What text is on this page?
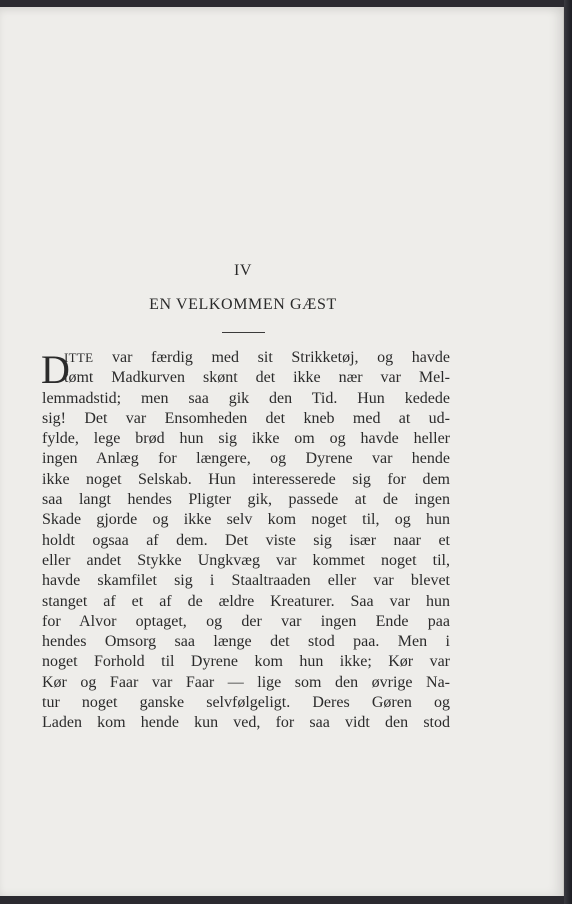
IV
EN VELKOMMEN GÆST
D
ITTE var færdig med sit Strikketøj, og havde
tømt Madkurven skønt det ikke nær var Mel-
lemmadstid; men saa gik den Tid. Hun kedede
sig! Det var Ensomheden det kneb med at ud-
fylde, lege brød hun sig ikke om og havde heller
ingen Anlæg for længere, og Dyrene var hende
ikke noget Selskab. Hun interesserede sig for dem
saa langt hendes Pligter gik, passede at de ingen
Skade gjorde og ikke selv kom noget til, og hun
holdt ogsaa af dem. Det viste sig især naar et
eller andet Stykke Ungkvæg var kommet noget til,
havde skamfilet sig i Staaltraaden eller var blevet
stanget af et af de ældre Kreaturer. Saa var hun
for Alvor optaget, og der var ingen Ende paa
hendes Omsorg saa længe det stod paa. Men i
noget Forhold til Dyrene kom hun ikke; Kør var
Kør og Faar var Faar — lige som den øvrige Na-
tur noget ganske selvfølgeligt. Deres Gøren og
Laden kom hende kun ved, for saa vidt den stod
